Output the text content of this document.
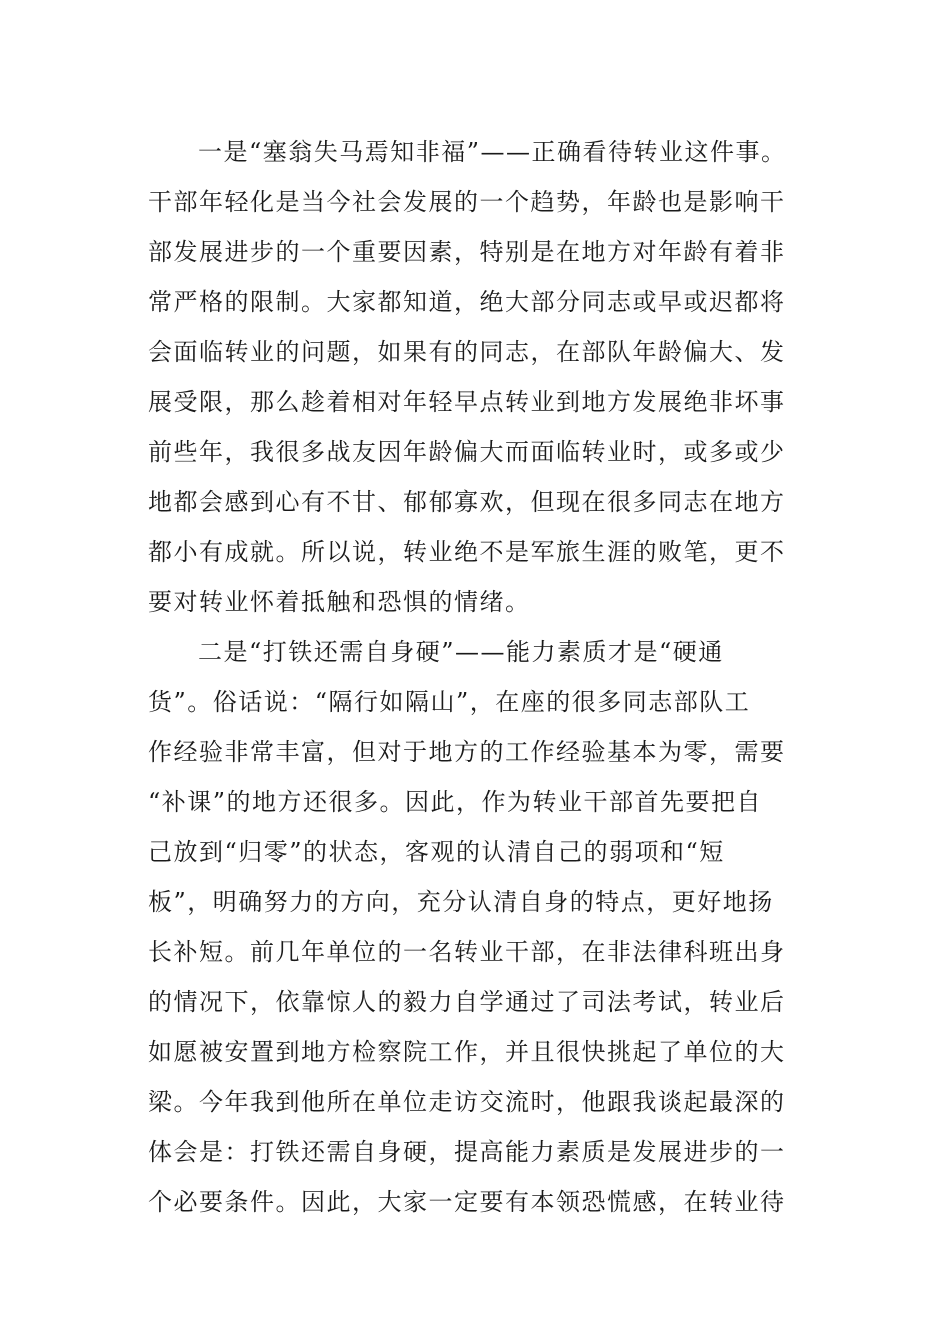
一是“塞翁失马焉知非福”——正确看待转业这件事。
干部年轻化是当今社会发展的一个趋势，年龄也是影响干
部发展进步的一个重要因素，特别是在地方对年龄有着非
常严格的限制。大家都知道，绝大部分同志或早或迟都将
会面临转业的问题，如果有的同志，在部队年龄偏大、发
展受限，那么趁着相对年轻早点转业到地方发展绝非坏事
前些年，我很多战友因年龄偏大而面临转业时，或多或少
地都会感到心有不甘、郁郁寡欢，但现在很多同志在地方
都小有成就。所以说，转业绝不是军旅生涯的败笔，更不
要对转业怀着抵触和恐惧的情绪。
二是“打铁还需自身硬”——能力素质才是“硬通
货”。俗话说：“隔行如隔山”，在座的很多同志部队工
作经验非常丰富，但对于地方的工作经验基本为零，需要
“补课”的地方还很多。因此，作为转业干部首先要把自
己放到“归零”的状态，客观的认清自己的弱项和“短
板”，明确努力的方向，充分认清自身的特点，更好地扬
长补短。前几年单位的一名转业干部，在非法律科班出身
的情况下，依靠惊人的毅力自学通过了司法考试，转业后
如愿被安置到地方检察院工作，并且很快挑起了单位的大
梁。今年我到他所在单位走访交流时，他跟我谈起最深的
体会是：打铁还需自身硬，提高能力素质是发展进步的一
个必要条件。因此，大家一定要有本领恐慌感，在转业待
